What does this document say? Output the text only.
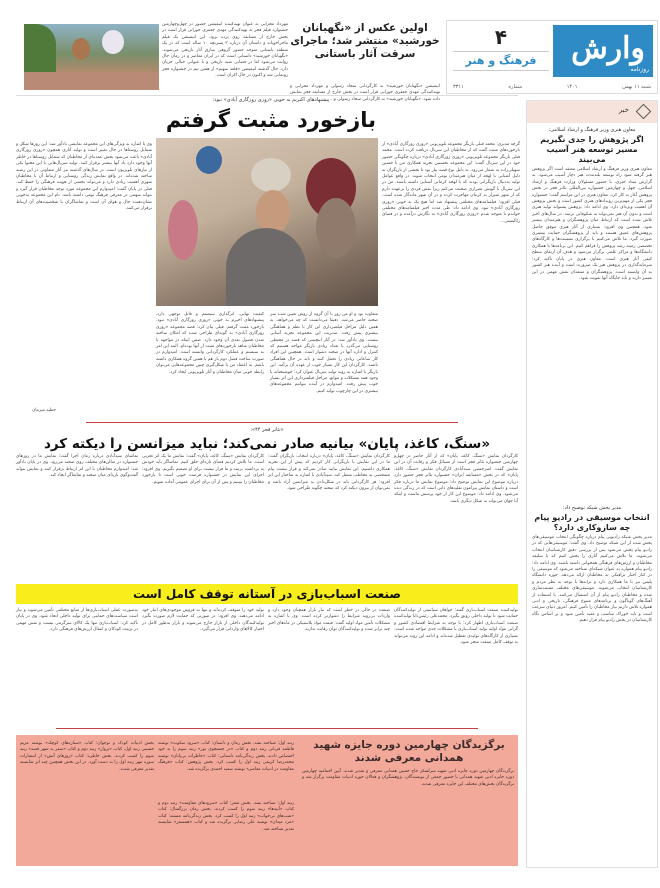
وارش
روزنامه
۴
فرهنگ و هنر
شنبه ۱۱ بهمن
۱۴۰۱
شماره
۳۳۱۱
اولین عکس از «نگهبانان خورشید» منتشر شد؛ ماجرای سرقت آثار باستانی
انیمیشن «نگهبانان خورشید» به کارگردانی سجاد رسولی و مهرداد محرابی و تهیه‌کنندگی مهدی جعفری جوزانی قرار است در بخش خارج از مسابقه فجر نمایش داده شود. «نگهبانان خورشید» به کارگردانی سجاد رسولی و...
مهرداد محرابی به عنوان تهیه‌کننده انیمیشن حضور در چهل‌و‌چهارمین جشنواره فیلم فجر به تهیه‌کنندگی مهدی جعفری جوزانی قرار است در بخش خارج از مسابقه روی پرده برود. این انیمیشن یک فیلم ماجراجویانه و داستان آن درباره ۳ پسربچه ۱۰ ساله است که در یک منطقه باستانی متوجه حضور گروهی سارق آثار تاریخی می‌شوند. «نگهبانان خورشید» داستانی است که در ایران معاصر و در زمان حال روایت می‌شود اما در فضایی شبه تاریخی و با عنوانی خیالی جریان دارد. حال گذشته انیمیشن «قلعه سهیم» از همین تیم در جشنواره فجر رونمایی شد و اکنون در حال اکران است.
خبر
معاون هنری وزیر فرهنگ و ارشاد اسلامی:
اگر پژوهش را جدی نگیریم مسیر توسعه هنر آسیب می‌بیند
معاون هنری وزیر فرهنگ و ارشاد اسلامی معتقد است اگر پژوهش هنر گرفته شود راه توسعه بلندمدت هنر دچار آسیب می‌شود. به گزارش ستاد خبری، با حضور مسئولان وزارت فرهنگ و ارشاد اسلامی، چهل و چهارمین جشنواره بین‌المللی تئاتر فجر در بخش پژوهش آغاز به کار کرد. معاون هنری در این مراسم گفت: جشنواره فجر یکی از مهم‌ترین رویدادهای هنری کشور است و بخش پژوهش آن اهمیت ویژه‌ای دارد. وی ادامه داد: پژوهش پشتوانه تولید هنری است و بدون آن هنر نمی‌تواند به شکوفایی برسد. در سال‌های اخیر تلاش شده است که ارتباط میان پژوهشگران و هنرمندان بیشتر شود. همچنین وی افزود: بسیاری از آثار هنری موفق حاصل پژوهش‌های عمیق هستند و باید از پژوهشگران حمایت بیشتری صورت گیرد. ما تلاش می‌کنیم با برگزاری نشست‌ها و کارگاه‌های تخصصی زمینه رشد پژوهش را فراهم کنیم. این برنامه‌ها با همکاری دانشگاه‌ها و مراکز علمی برگزار می‌شود و هدف آن ارتقای سطح کیفی آثار هنری است. معاون هنری در پایان تأکید کرد: سرمایه‌گذاری در پژوهش هنر یک ضرورت است و آینده هنر کشور به آن وابسته است. پژوهشگران و منتقدان نقش مهمی در این مسیر دارند و باید جایگاه آنها تقویت شود.
مدیر پخش شبکه توضیح داد:
انتخاب موسیقی در رادیو پیام چه سازوکاری دارد؟
مدیر پخش شبکه رادیویی پیام درباره چگونگی انتخاب موسیقی‌های پخش شده از این شبکه توضیح داد. وی گفت: موسیقی‌هایی که در رادیو پیام پخش می‌شود پس از بررسی دقیق کارشناسان انتخاب می‌شوند. ما تلاش می‌کنیم آثاری را پخش کنیم که با سلیقه مخاطبان و ارزش‌های فرهنگی همخوانی داشته باشند. وی ادامه داد: رادیو پیام همواره به عنوان شبکه‌ای شناخته می‌شود که موسیقی را در کنار اخبار ترافیکی به مخاطبان ارائه می‌دهد. حوزه دانشگاه پلیس نیز با ما همکاری دارد و ترانه‌ها با توجه به نظر مردم و کارشناسان انتخاب می‌شوند. موسیقی‌های مختلف مستند‌سازی شده و مخاطبان رادیو پیام از آن استقبال می‌کنند. با استفاده از آهنگ‌های گوناگون و برنامه‌های متنوع فرهنگی، تاریخی و ادبی همواره تلاش داریم نیاز مخاطبان را تأمین کنیم. امروز دنیای سرعت است و باید خوراک مناسب و مفید تأمین شود و بر اساس نگاه کارشناسان در پخش رادیو پیام قرار دهیم.
پیشنهادهای اکبریم به خوبی «روزی روزگاری آبادی» نبود:
بازخورد مثبت گرفتم
وی با اشاره به ویژگی‌های این مجموعه نمایشی یادآور شد: این روزها شکل و شمایل روستاها در حال تغییر است و تولید آثاری همچون «روزی روزگاری آبادی» باعث می‌شود بخش عمده‌ای از مخاطبان که شمایل روستاها در خاطر آنها وجود دارد یاد آنها بیشتر برقرار کنند. تولید سریال‌هایی با این محتوا یکی از نیازهای تلویزیون است. در سال‌های گذشته نیز آثار متفاوتی در این زمینه ساخته شده‌اند. در واقع نمایش زندگی روستایی و ارتباط آن با مخاطبان شهری اهمیت زیادی دارد و می‌تواند بخشی از هویت فرهنگی را حفظ کند. قبلی در پایان گفت: امیدوارم این مجموعه مورد توجه مخاطبان قرار گیرد و بتواند سهمی در معرفی فرهنگ بومی داشته باشد. نام این مجموعه به‌خوبی نشان‌دهنده حال و هوای آن است و تماشاگران با شخصیت‌های آن ارتباط برقرار می‌کنند.
گرچه مدیری: محمد قبلی بازیگر مجموعه تلویزیونی «روزی روزگاری آبادی» از بازخوردهای مثبت گفت که از مخاطبان این سریال دریافت کرده است. محمد قبلی بازیگر مجموعه تلویزیونی «روزی روزگاری آبادی» درباره چگونگی حضور خود در این سریال گفت: این مجموعه نخستین تجربه همکاری من با حسین سهیلی‌زاده به شمار می‌رود. به دلیل نوع قصه نیاز بود تا بخشی از بازیگران به دلیل آشنایی با لهجه از میان هنرمندان بومی انتخاب شوند. در واقع عوامل تولید به‌دنبال بازیگرانی بودند که با لهجه کرمانی آشنایی داشته باشند. من در این سریال با گویش شیرازی صحبت می‌کنم زیرا نقش فردی را برعهده دارم که از شهر شیراز به کرمان مهاجرت کرده و در آن شهر ماندگار شده است. قبلی افزود: فیلمنامه‌های مختلفی پیشنهاد شد اما هیچ یک به خوبی «روزی روزگاری آبادی» نبود. وی ادامه داد: طی مدت اخیر فیلمنامه‌های مختلفی خواندم تا متوجه شدم «روزی روزگاری آبادی» به نگارش درآمده و در فضای رئالیستی...
متفاوت بود و او من روز با آن گروه از روش تعیین شده سر صحنه حاضر می‌شد. دقیقا می‌دانست که چه می‌خواهد. به همین دلیل مراحل فیلمبرداری این کار با نظم و هماهنگی بیشتری پیش رفت. مدیریت این مجموعه تجربه آسانی نیست. وی یادآور شد: در آثار اینچنینی که قصه در محیطی روستایی می‌گذرد با تعداد زیادی بازیگر مواجه هستیم که کنترل و اداره آنها در صحنه دشوار است. همچنین این افراد کار ساعاتی زیادی را تحمل کنند و باید در حال هماهنگی باشند. کارگردان این کار بسیار خوب از عهده آن برآمد. این بازیگر با اشاره به روند تولید سریال عنوان کرد: خوشبختانه با وجود همه مشکلات و موانع، مراحل فیلمبرداری این اثر بسیار خوب پیش رفت. امیدوارم در آینده بتوانیم مجموعه‌های بیشتری در این چارچوب تولید کنیم.
کیفیت نهایی، اثرگذاری سیستم و قابل توجهی دارد. پیشنهادهای اخیرم به خوبی «روزی روزگاری آبادی» نبود. بازخورد مثبت گرفتم. قبلی بیان کرد: قصه مجموعه «روزی روزگاری آبادی» به گونه‌ای طراحی شده که امکان ساخته شدن فصول بعدی آن وجود دارد. ضمن اینکه در مواجهه با مخاطبان شاهد بازخوردهای مثبت از آنها بوده‌ام. البته این امر به سیستم و عملکرد کارگردانی وابسته است. امیدوارم در صورت ساخت فصل دوم باز هم با همین گروه همکاری داشته باشم. به اعتقاد من با شکل‌گیری چنین مجموعه‌هایی می‌توان رابطه خوبی میان مخاطبان و آثار تلویزیونی ایجاد کرد.
حطیه میرمان
«تئاتر فجر ۴۴»:
«سنگ، کاغذ، پایان» بیانیه صادر نمی‌کند؛ نباید میزانسن را دیکته کرد
کارگردان نمایش «سنگ، کاغذ، پایان» که از آثار حاضر در چهل‌و چهارمین جشنواره تئاتر فجر است از مسائل فکر و رقابت آن در این نمایش گفت. امیرحسین سیدآبادی کارگردان نمایش «سنگ، کاغذ، پایان» که در بخش «مسابقه ایران» جشنواره تئاتر فجر حضور دارد درباره موضوع این نمایش توضیح داد: موضوع نمایش ما درباره فکر است و داستان نمایش پیرامون تقلیدهای ذاتی است که در زندگی دیده می‌شود. وی ادامه داد: موضوع این کار از خود پرسش ماست و اینکه آیا جهان می‌تواند به شکل دیگری باشد.
کارگردان نمایش «سنگ، کاغذ، پایان» درباره انتخاب بازیگران گفت: ما در این نمایش با بازیگرانی کار کردیم که پیش از این تجربه همکاری داشتیم. این نمایش بیانیه صادر نمی‌کند و قرار نیست پیام مشخصی به مخاطب منتقل کند. سیدآبادی با اشاره به ساختار این اثر افزود: هر کارگردانی باید در شکل‌دادن به میزانسن آزاد باشد و نمی‌توان از بیرون دیکته کرد که صحنه چگونه طراحی شود.
کارگردان نمایش «سنگ، کاغذ، پایان» گفت: نمایش ما یک اثر تجربی است. ما تلاش کردیم فضای تازه‌ای خلق کنیم. تماشاگر باید خودش به برداشت برسد و ما قرار نیست برای او تصمیم بگیریم. وی افزود: اجرای این نمایش در جشنواره فرصت خوبی است تا بازخورد مخاطبان را ببینیم و پس از آن برای اجرای عمومی آماده شویم.
تماشای سیدآبادی درباره زمان اجرا گفت: نمایش ما در روزهای جشنواره در سالن‌های مختلف روی صحنه می‌رود. وی در پایان یادآور شد: امیدوارم مخاطبان با این اثر ارتباط برقرار کنند و نمایش بتواند گفت‌وگوی تازه‌ای میان صحنه و تماشاگر ایجاد کند.
صنعت اسباب‌بازی در آستانه توقف کامل است
تولیدکننده صنعت اسباب‌بازی گفته: خواهان سیاستی از تولیدکنندگان حمایت شود تا تولید داخلی رونق بگیرد. محمدعلی رئیس‌دانا تولیدکننده صنعت اسباب‌بازی اظهار کرد: با توجه به شرایط اقتصادی کشور و گرانی مواد اولیه تولید اسباب‌بازی با مشکلات جدی مواجه شده است. بسیاری از کارگاه‌های تولیدی تعطیل شده‌اند و ادامه این روند می‌تواند به توقف کامل صنعت منجر شود.
صنعت در حالی در خطر است که نیاز بازار همچنان وجود دارد و واردات بی‌رویه شرایط را دشوارتر کرده است. وی با اشاره به مشکلات تأمین مواد اولیه گفت: قیمت مواد پلاستیکی در ماه‌های اخیر چند برابر شده و تولیدکنندگان توان رقابت ندارند.
تولید خود را متوقف کرده‌اند و تنها به فروش موجودی‌های انبار خود ادامه می‌دهند. وی افزود: در صورتی که حمایت لازم صورت نگیرد تولیدکنندگان داخلی از بازار خارج می‌شوند و بازار به‌طور کامل در اختیار کالاهای وارداتی قرار می‌گیرد.
به‌صورت عملی اسباب‌بازی‌ها از منابع مختلفی تأمین می‌شوند و نیاز است سیاست‌های حمایتی برای تولید داخلی اتخاذ شود. وی در پایان تأکید کرد: اسباب‌بازی تنها یک کالای سرگرمی نیست و نقش مهمی در تربیت کودکان و انتقال ارزش‌های فرهنگی دارد.
برگزیدگان چهارمین دوره جایزه شهید همدانی معرفی شدند
برگزیدگان چهارمین دوره جایزه ادبی شهید سرلشکر حاج حسین همدانی معرفی و تقدیر شدند. آیین اختتامیه چهارمین دوره جایزه ادبی شهید همدانی با حضور جمعی از نویسندگان، پژوهشگران و فعالان حوزه ادبیات مقاومت برگزار شد و برگزیدگان بخش‌های مختلف این جایزه معرفی شدند.
رتبه اول: شناخته نشد. بخش رمان و داستان: کتاب «سرود سکوت» نوشته فاطمه قربانی رتبه دوم و کتاب «در جستجوی نور» رتبه سوم را به خود اختصاص دادند. بخش زندگی‌نامه داستانی: کتاب «خاطرات بی‌پایان» نوشته محمدرضا کریمی رتبه اول را کسب کرد. بخش پژوهش: کتاب «فرهنگ مقاومت در ادبیات معاصر» نوشته سعید احمدی برگزیده شد.
رتبه اول: شناخته نشد. بخش شعر: کتاب «سرودهای مقاومت» رتبه دوم و کتاب «آینه‌ها» رتبه سوم را کسب کردند. بخش رمان بزرگسال: کتاب «شب‌های بی‌خواب» رتبه اول را کسب کرد. بخش زندگی‌نامه مستند: کتاب «مرد میدان» نوشته علی رضایی برگزیده شد و کتاب «همسفر» شایسته تقدیر شناخته شد.
بخش ادبیات کودک و نوجوان: کتاب «ستاره‌های کوچک» نوشته مریم حسینی رتبه اول، کتاب «پرواز» رتبه دوم و کتاب «سفر به شهر قصه» رتبه سوم را کسب کردند. بخش خاطره: کتاب «روزهای آتش» از انتشارات سوره مهر رتبه اول را به دست آورد. در این بخش همچنین چند اثر شایسته تقدیر معرفی شدند.
